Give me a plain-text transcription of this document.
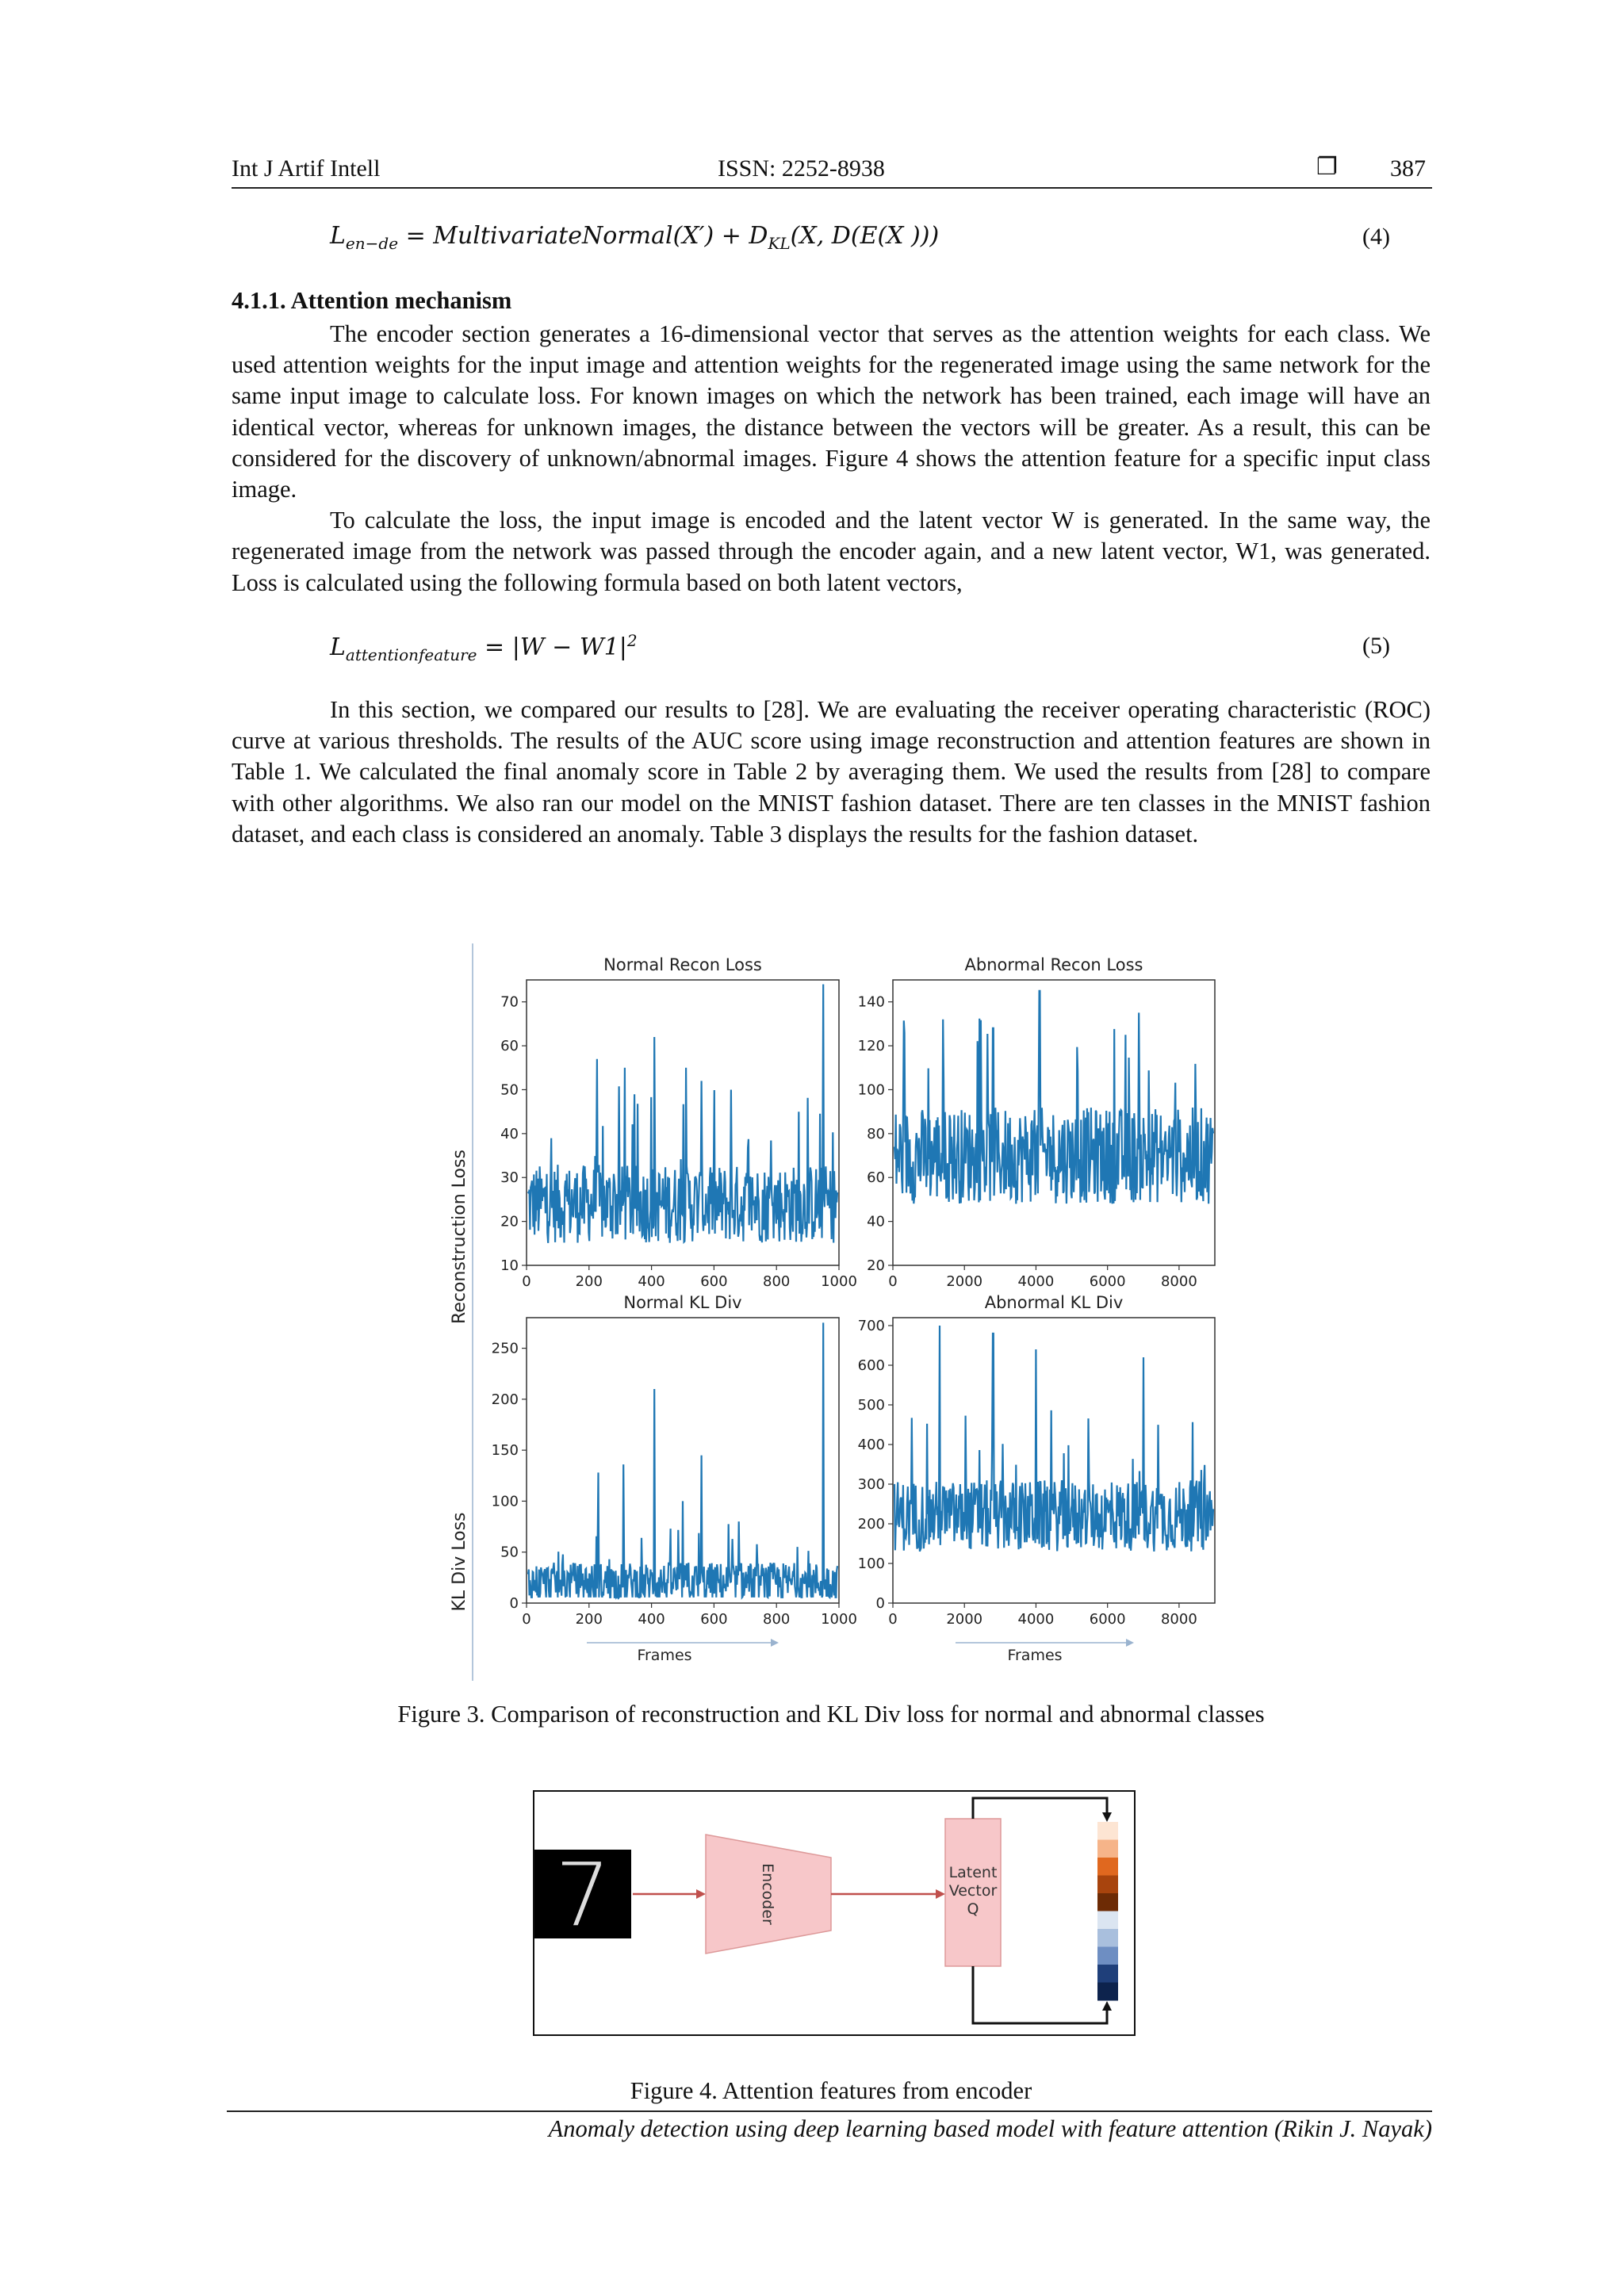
Int J Artif Intell	ISSN: 2252-8938	❐ 387
$L_{en-de}$ = MultivariateNormal(X′) + $D_{KL}(X$, D(E(X )))	(4)
4.1.1. Attention mechanism

The encoder section generates a 16-dimensional vector that serves as the attention weights for each class. We used attention weights for the input image and attention weights for the regenerated image using the same network for the same input image to calculate loss. For known images on which the network has been trained, each image will have an identical vector, whereas for unknown images, the distance between the vectors will be greater. As a result, this can be considered for the discovery of unknown/abnormal images. Figure 4 shows the attention feature for a specific input class image.

To calculate the loss, the input image is encoded and the latent vector W is generated. In the same way, the regenerated image from the network was passed through the encoder again, and a new latent vector, W1, was generated. Loss is calculated using the following formula based on both latent vectors,

$L_{attentionfeature} = |W - W1|^2$	(5)

In this section, we compared our results to [28]. We are evaluating the receiver operating characteristic (ROC) curve at various thresholds. The results of the AUC score using image reconstruction and attention features are shown in Table 1. We calculated the final anomaly score in Table 2 by averaging them. We used the results from [28] to compare with other algorithms. We also ran our model on the MNIST fashion dataset. There are ten classes in the MNIST fashion dataset, and each class is considered an anomaly. Table 3 displays the results for the fashion dataset.

Reconstruction Loss
KL Div Loss
Frames	Frames
Normal Recon Loss
10
20
30
40
50
60
70
0	200 400 600 800 1000
Abnormal Recon Loss
20
40
60
80
100
120
140
0	2000 4000 6000 8000
Normal KL Div
0
50
100
150
200
250
0	200 400 600 800 1000
Abnormal KL Div
0
100
200
300
400
500
600
700
0	2000 4000 6000 8000
Figure 3. Comparison of reconstruction and KL Div loss for normal and abnormal classes
7	Encoder	Latent
Vector
Q
Figure 4. Attention features from encoder
Anomaly detection using deep learning based model with feature attention (Rikin J. Nayak)
